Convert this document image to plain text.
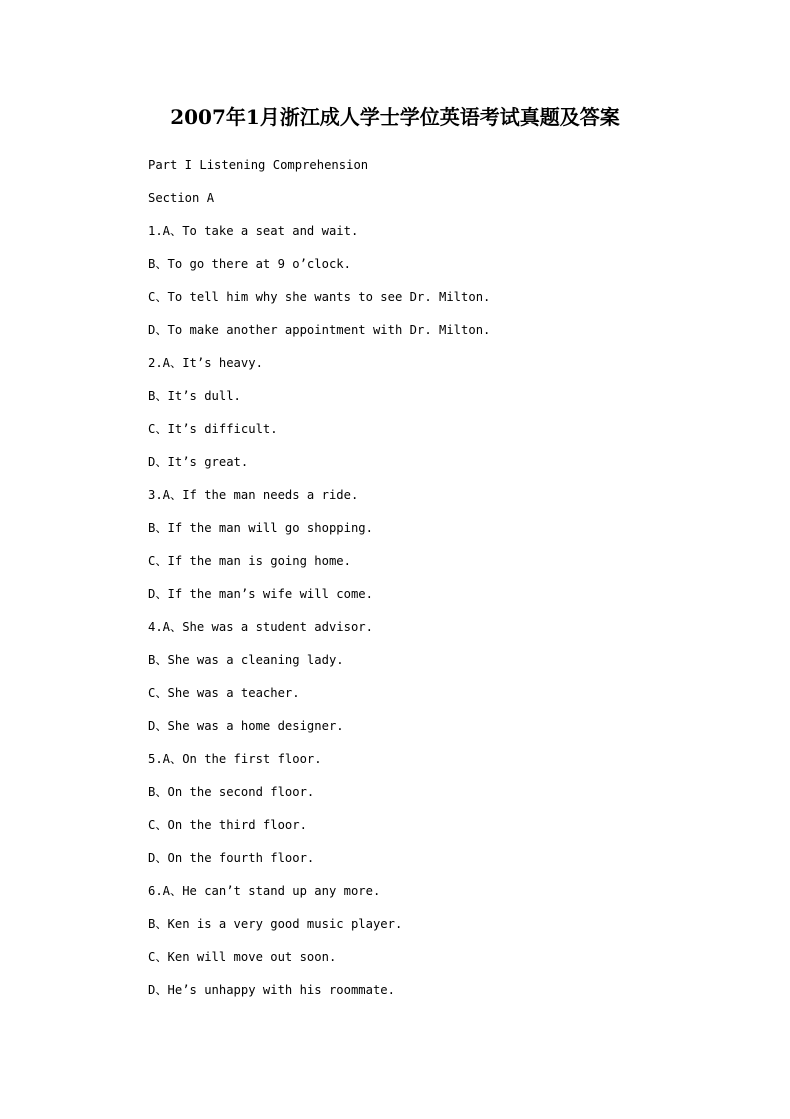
2007年1月浙江成人学士学位英语考试真题及答案
Part I Listening Comprehension
Section A
1.A、To take a seat and wait.
B、To go there at 9 o’clock.
C、To tell him why she wants to see Dr. Milton.
D、To make another appointment with Dr. Milton.
2.A、It’s heavy.
B、It’s dull.
C、It’s difficult.
D、It’s great.
3.A、If the man needs a ride.
B、If the man will go shopping.
C、If the man is going home.
D、If the man’s wife will come.
4.A、She was a student advisor.
B、She was a cleaning lady.
C、She was a teacher.
D、She was a home designer.
5.A、On the first floor.
B、On the second floor.
C、On the third floor.
D、On the fourth floor.
6.A、He can’t stand up any more.
B、Ken is a very good music player.
C、Ken will move out soon.
D、He’s unhappy with his roommate.
